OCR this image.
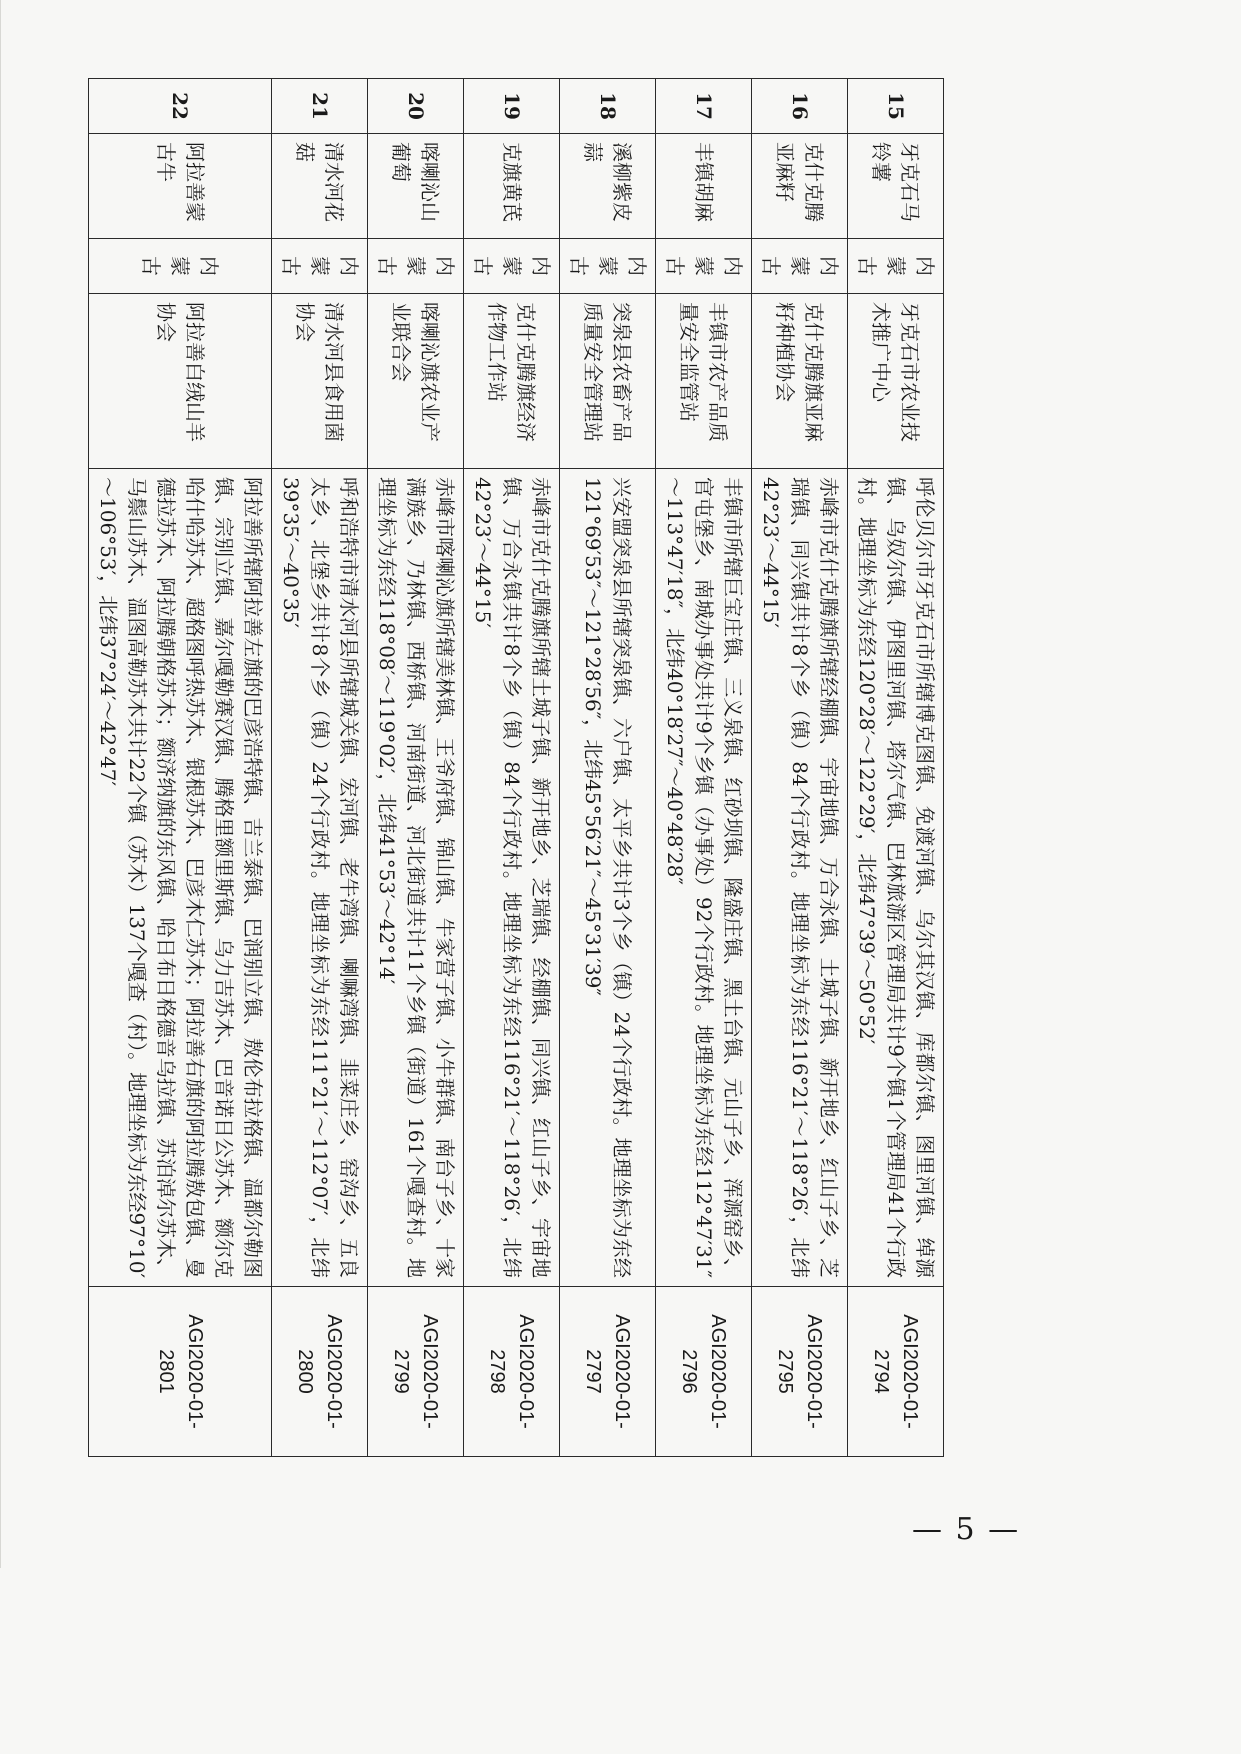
15	牙克石马铃薯	内蒙古	牙克石市农业技术推广中心	呼伦贝尔市牙克石市所辖博克图镇、免渡河镇、乌尔其汉镇、库都尔镇、图里河镇、绰源镇、乌奴尔镇、伊图里河镇、塔尔气镇、巴林旅游区管理局共计9个镇1个管理局41个行政村。地理坐标为东经120°28′～122°29′，北纬47°39′～50°52′	AGI2020-01-2794
16	克什克腾亚麻籽	内蒙古	克什克腾旗亚麻籽种植协会	赤峰市克什克腾旗所辖经棚镇、宇宙地镇、万合永镇、土城子镇、新开地乡、红山子乡、芝瑞镇、同兴镇共计8个乡（镇）84个行政村。地理坐标为东经116°21′～118°26′，北纬42°23′～44°15′	AGI2020-01-2795
17	丰镇胡麻	内蒙古	丰镇市农产品质量安全监管站	丰镇市所辖巨宝庄镇、三义泉镇、红砂坝镇、隆盛庄镇、黑土台镇、元山子乡、浑源窑乡、官屯堡乡、南城办事处共计9个乡镇（办事处）92个行政村。地理坐标为东经112°47′31″～113°47′18″，北纬40°18′27″～40°48′28″	AGI2020-01-2796
18	溪柳紫皮蒜	内蒙古	突泉县农畜产品质量安全管理站	兴安盟突泉县所辖突泉镇、六户镇、太平乡共计3个乡（镇）24个行政村。地理坐标为东经121°69′53″～121°28′56″，北纬45°56′21″～45°31′39″	AGI2020-01-2797
19	克旗黄芪	内蒙古	克什克腾旗经济作物工作站	赤峰市克什克腾旗所辖土城子镇、新开地乡、芝瑞镇、经棚镇、同兴镇、红山子乡、宇宙地镇、万合永镇共计8个乡（镇）84个行政村。地理坐标为东经116°21′～118°26′，北纬42°23′～44°15′	AGI2020-01-2798
20	喀喇沁山葡萄	内蒙古	喀喇沁旗农业产业联合会	赤峰市喀喇沁旗所辖美林镇、王爷府镇、锦山镇、牛家营子镇、小牛群镇、南台子乡、十家满族乡、乃林镇、西桥镇、河南街道、河北街道共计11个乡镇（街道）161个嘎查村。地理坐标为东经118°08′～119°02′，北纬41°53′～42°14′	AGI2020-01-2799
21	清水河花菇	内蒙古	清水河县食用菌协会	呼和浩特市清水河县所辖城关镇、宏河镇、老牛湾镇、喇嘛湾镇、韭菜庄乡、窑沟乡、五良太乡、北堡乡共计8个乡（镇）24个行政村。地理坐标为东经111°21′～112°07′，北纬39°35′～40°35′	AGI2020-01-2800
22	阿拉善蒙古牛	内蒙古	阿拉善白绒山羊协会	阿拉善所辖阿拉善左旗的巴彦浩特镇、吉兰泰镇、巴润别立镇、敖伦布拉格镇、温都尔勒图镇、宗别立镇、嘉尔嘎勒赛汉镇、腾格里额里斯镇、乌力吉苏木、巴音诺日公苏木、额尔克哈什哈苏木、超格图呼热苏木、银根苏木、巴彦木仁苏木；阿拉善右旗的阿拉腾敖包镇、曼德拉苏木、阿拉腾朝格苏木；额济纳旗的东风镇、哈日布日格德音乌拉镇、苏泊淖尔苏木、马鬃山苏木、温图高勒苏木共计22个镇（苏木）137个嘎查（村）。地理坐标为东经97°10′～106°53′，北纬37°24′～42°47′	AGI2020-01-2801
— 5 —
